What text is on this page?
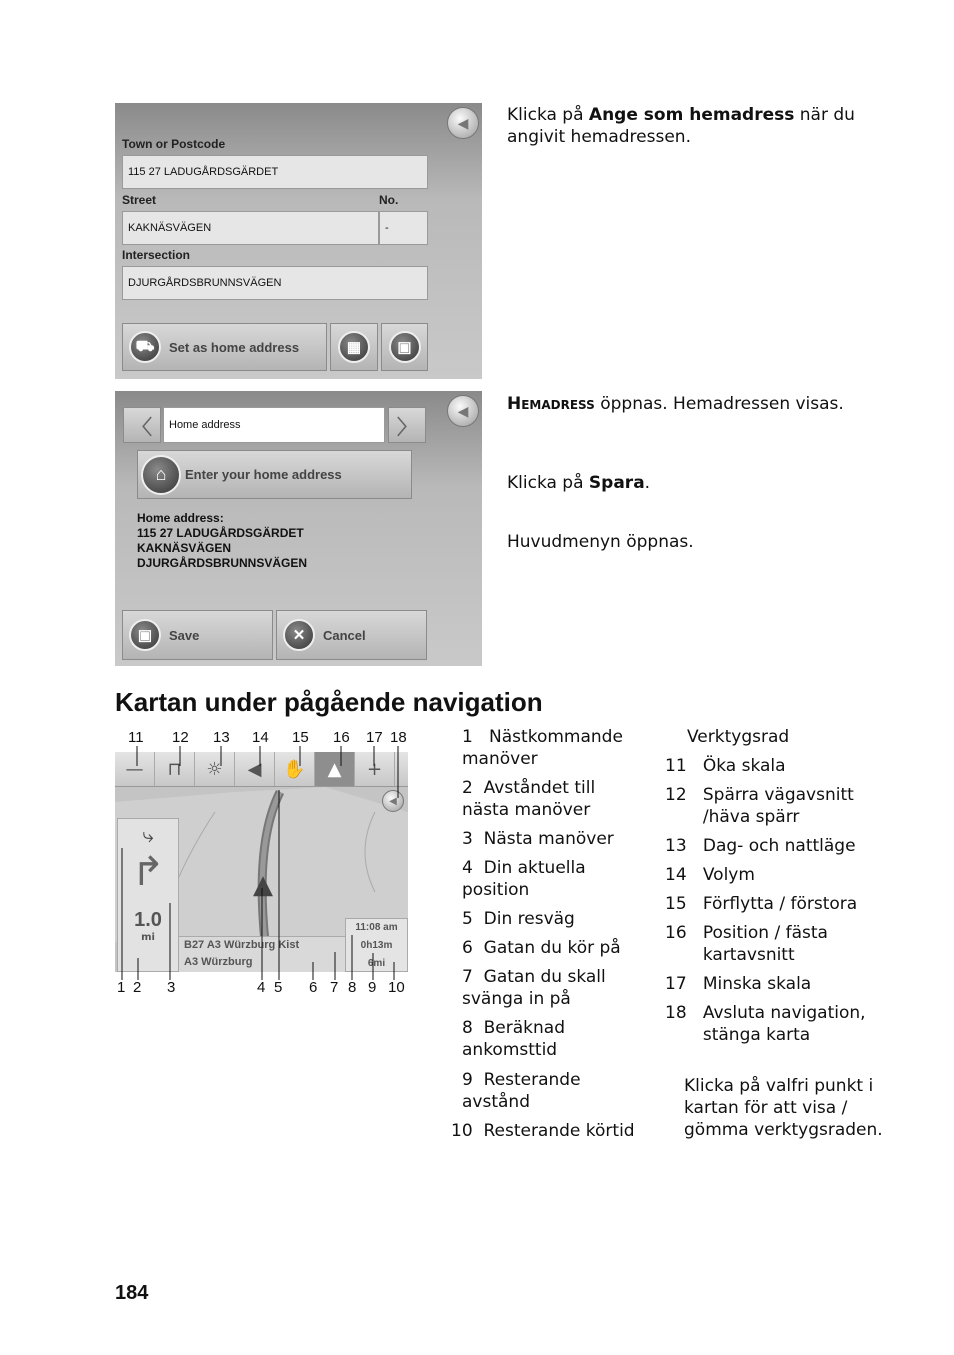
◀
Town or Postcode
115 27 LADUGÅRDSGÄRDET
Street	No.
KAKNÄSVÄGEN	-
Intersection
DJURGÅRDSBRUNNSVÄGEN
⛟	Set as home address	▦	▣
Klicka på Ange som hemadress när du angivit hemadressen.
〈	Home address	〉
◀
⌂	Enter your home address
Home address:
115 27 LADUGÅRDSGÄRDET
KAKNÄSVÄGEN
DJURGÅRDSBRUNNSVÄGEN
▣	Save	✕	Cancel
Hemadress öppnas. Hemadressen visas.
Klicka på Spara.
Huvudmenyn öppnas.
Kartan under pågående navigation
11 12 13 14 15 16 17 18
—	⊓	☼	◀	✋	▲	+
◀
⤷
↱
1.0
mi
▲
B27 A3 Würzburg Kist
A3 Würzburg
11:08 am
0h13m
6mi
1 2 3	4 5 6 7 8 9 10
1 Nästkommande manöver
2 Avståndet till nästa manöver
3 Nästa manöver
4 Din aktuella position
5 Din resväg
6 Gatan du kör på
7 Gatan du skall svänga in på
8 Beräknad ankomsttid
9 Resterande avstånd
10 Resterande körtid
Verktygsrad
11 Öka skala
12 Spärra vägavsnitt /häva spärr
13 Dag- och nattläge
14 Volym
15 Förflytta / förstora
16 Position / fästa kartavsnitt
17 Minska skala
18 Avsluta navigation, stänga karta
Klicka på valfri punkt i kartan för att visa / gömma verktygsraden.
184
